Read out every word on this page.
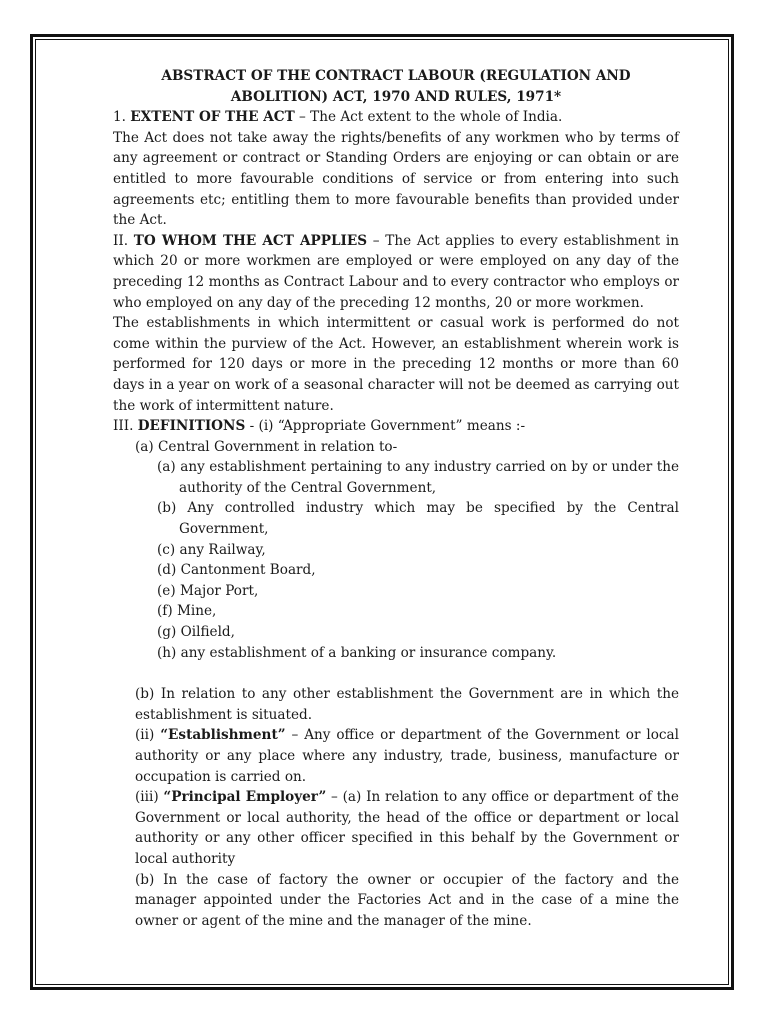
ABSTRACT OF THE CONTRACT LABOUR (REGULATION AND
ABOLITION) ACT, 1970 AND RULES, 1971*

1. EXTENT OF THE ACT – The Act extent to the whole of India.

The Act does not take away the rights/benefits of any workmen who by terms of any agreement or contract or Standing Orders are enjoying or can obtain or are entitled to more favourable conditions of service or from entering into such agreements etc; entitling them to more favourable benefits than provided under the Act.

II. TO WHOM THE ACT APPLIES – The Act applies to every establishment in which 20 or more workmen are employed or were employed on any day of the preceding 12 months as Contract Labour and to every contractor who employs or who employed on any day of the preceding 12 months, 20 or more workmen.

The establishments in which intermittent or casual work is performed do not come within the purview of the Act. However, an establishment wherein work is performed for 120 days or more in the preceding 12 months or more than 60 days in a year on work of a seasonal character will not be deemed as carrying out the work of intermittent nature.

III. DEFINITIONS - (i) “Appropriate Government” means :-

(a) Central Government in relation to-

(a) any establishment pertaining to any industry carried on by or under the authority of the Central Government,
(b) Any controlled industry which may be specified by the Central Government,
(c) any Railway,
(d) Cantonment Board,
(e) Major Port,
(f) Mine,
(g) Oilfield,
(h) any establishment of a banking or insurance company.

(b) In relation to any other establishment the Government are in which the establishment is situated.

(ii) “Establishment” – Any office or department of the Government or local authority or any place where any industry, trade, business, manufacture or occupation is carried on.

(iii) “Principal Employer” – (a) In relation to any office or department of the Government or local authority, the head of the office or department or local authority or any other officer specified in this behalf by the Government or local authority

(b) In the case of factory the owner or occupier of the factory and the manager appointed under the Factories Act and in the case of a mine the owner or agent of the mine and the manager of the mine.
